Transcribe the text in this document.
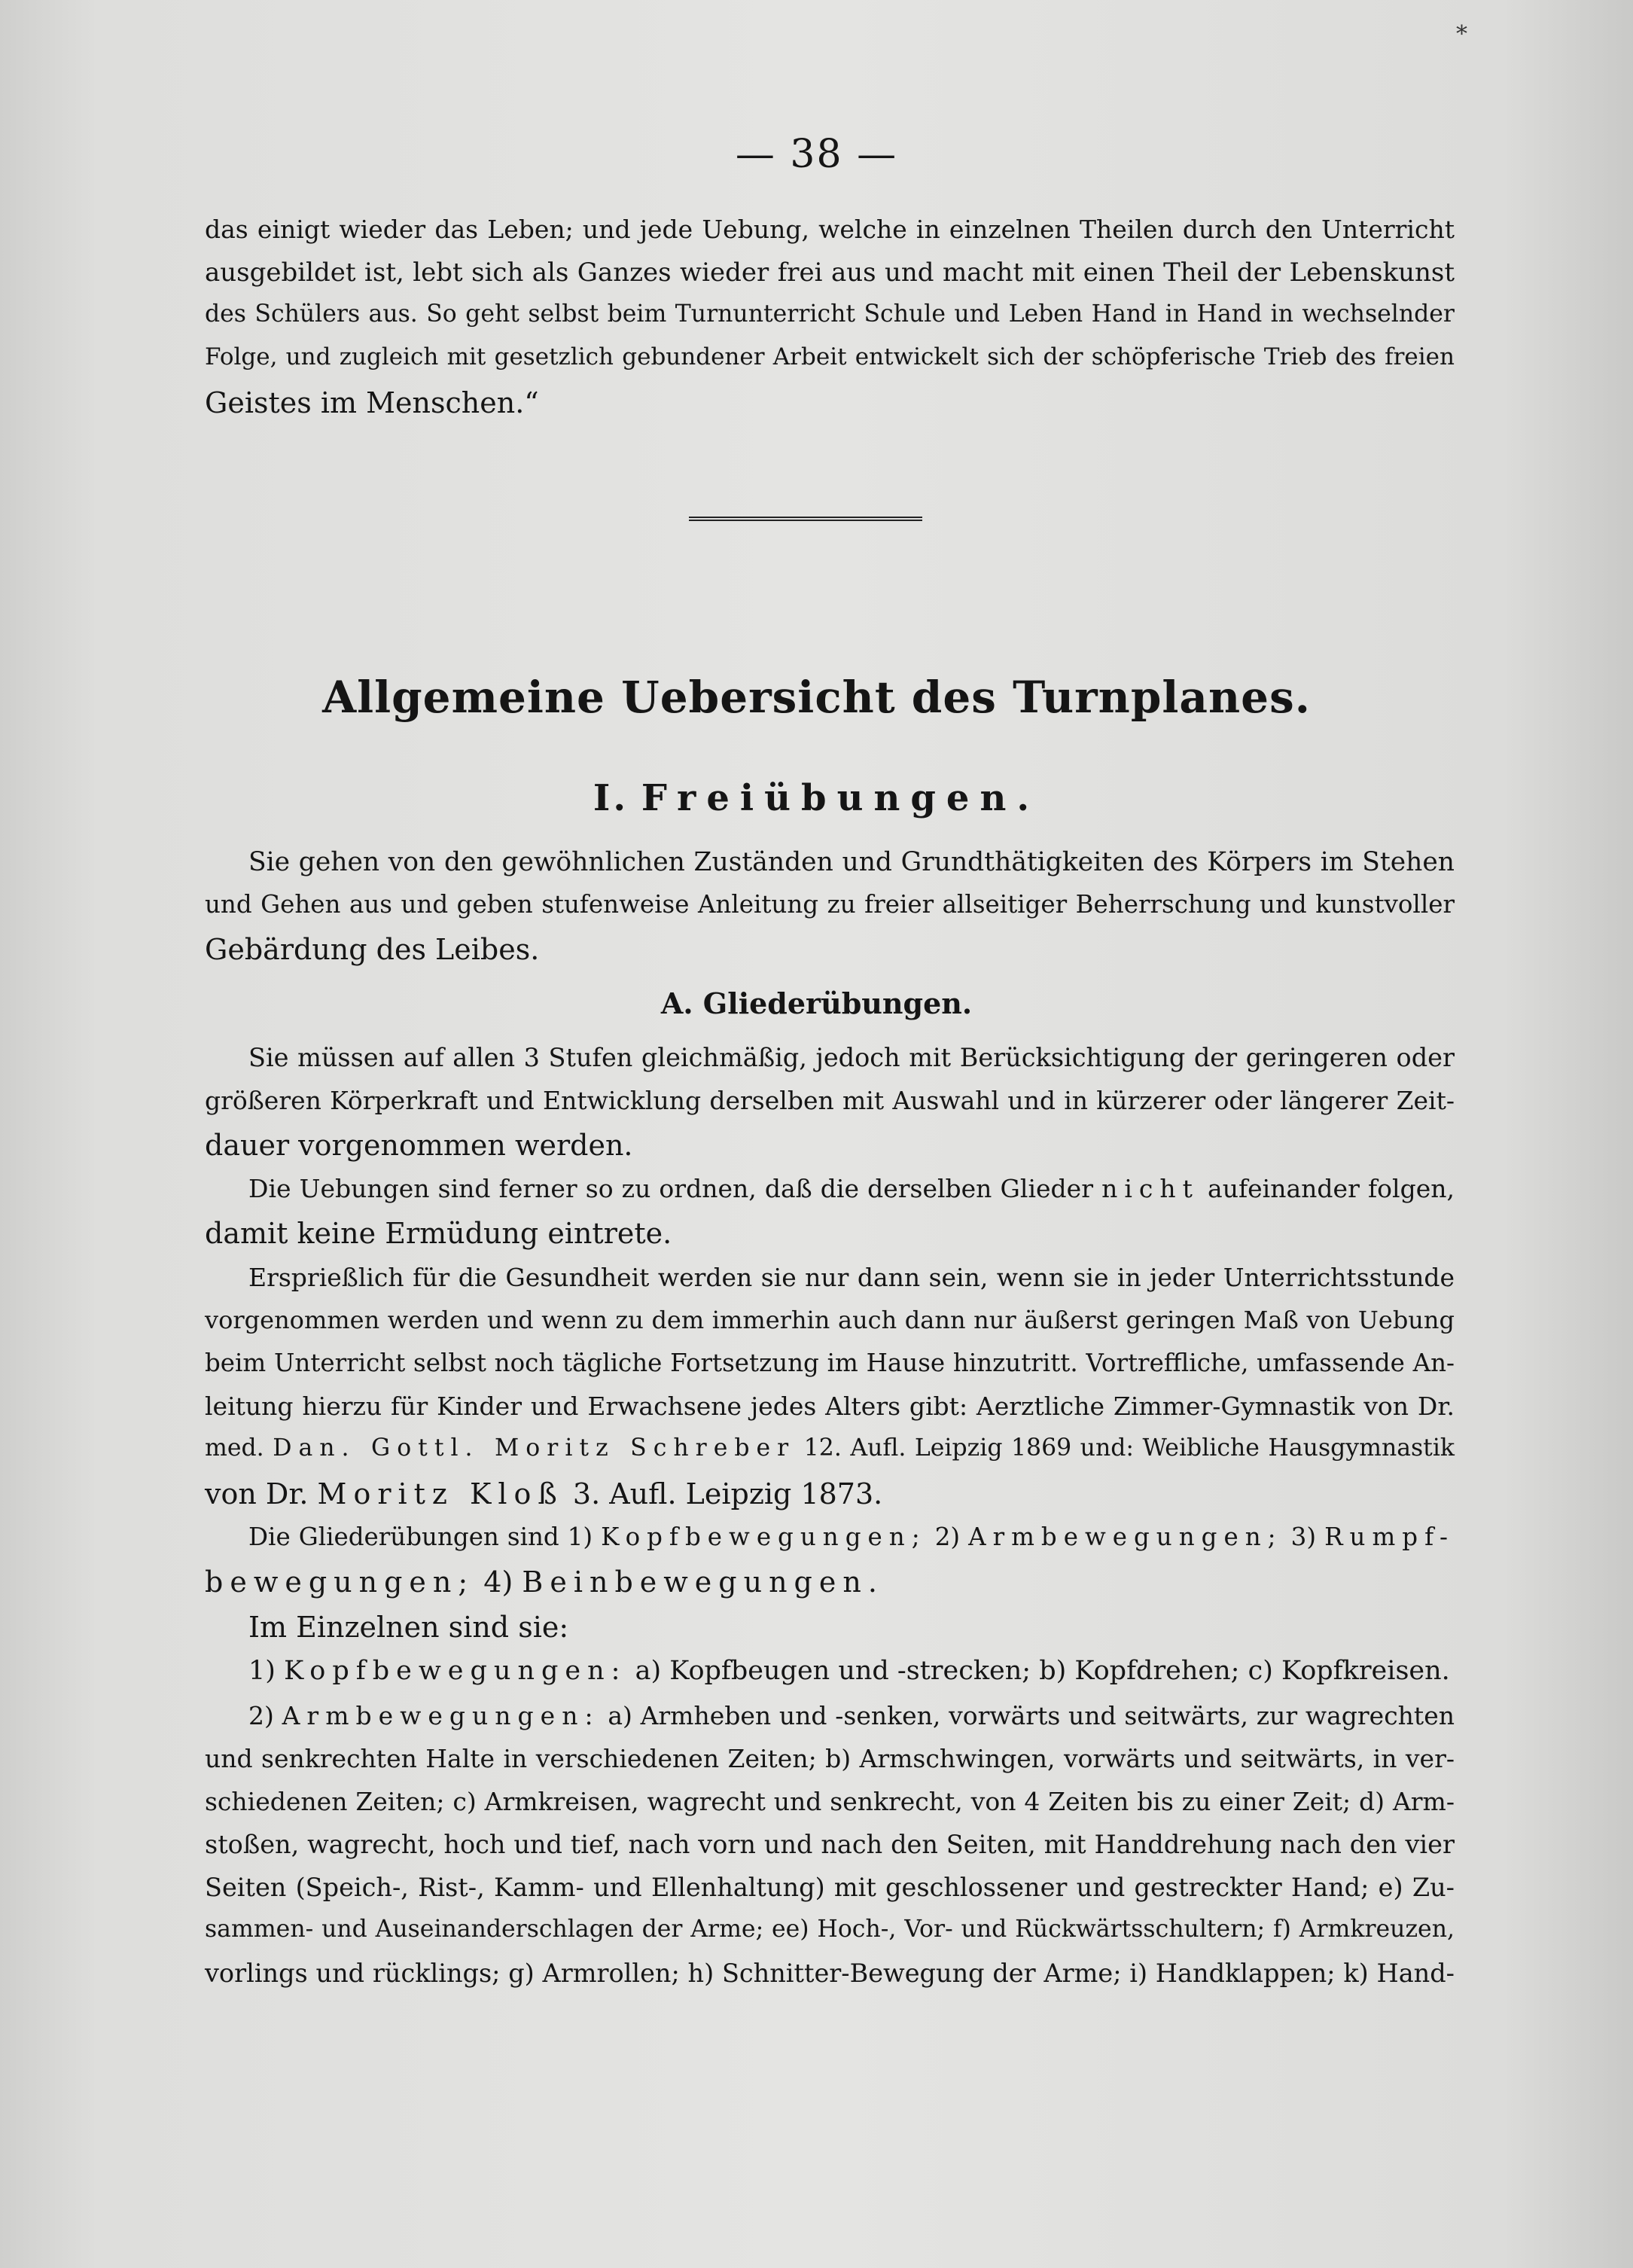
*
— 38 —
das einigt wieder das Leben; und jede Uebung, welche in einzelnen Theilen durch den Unterricht
ausgebildet ist, lebt sich als Ganzes wieder frei aus und macht mit einen Theil der Lebenskunst
des Schülers aus. So geht selbst beim Turnunterricht Schule und Leben Hand in Hand in wechselnder
Folge, und zugleich mit gesetzlich gebundener Arbeit entwickelt sich der schöpferische Trieb des freien
Geistes im Menschen.“
Allgemeine Uebersicht des Turnplanes.
I. Freiübungen.
Sie gehen von den gewöhnlichen Zuständen und Grundthätigkeiten des Körpers im Stehen
und Gehen aus und geben stufenweise Anleitung zu freier allseitiger Beherrschung und kunstvoller
Gebärdung des Leibes.
A. Gliederübungen.
Sie müssen auf allen 3 Stufen gleichmäßig, jedoch mit Berücksichtigung der geringeren oder
größeren Körperkraft und Entwicklung derselben mit Auswahl und in kürzerer oder längerer Zeit-
dauer vorgenommen werden.
Die Uebungen sind ferner so zu ordnen, daß die derselben Glieder nicht aufeinander folgen,
damit keine Ermüdung eintrete.
Ersprießlich für die Gesundheit werden sie nur dann sein, wenn sie in jeder Unterrichtsstunde
vorgenommen werden und wenn zu dem immerhin auch dann nur äußerst geringen Maß von Uebung
beim Unterricht selbst noch tägliche Fortsetzung im Hause hinzutritt. Vortreffliche, umfassende An-
leitung hierzu für Kinder und Erwachsene jedes Alters gibt: Aerztliche Zimmer-Gymnastik von Dr.
med. Dan. Gottl. Moritz Schreber 12. Aufl. Leipzig 1869 und: Weibliche Hausgymnastik
von Dr. Moritz Kloß 3. Aufl. Leipzig 1873.
Die Gliederübungen sind 1) Kopfbewegungen; 2) Armbewegungen; 3) Rumpf-
bewegungen; 4) Beinbewegungen.
Im Einzelnen sind sie:
1) Kopfbewegungen: a) Kopfbeugen und -strecken; b) Kopfdrehen; c) Kopfkreisen.
2) Armbewegungen: a) Armheben und -senken, vorwärts und seitwärts, zur wagrechten
und senkrechten Halte in verschiedenen Zeiten; b) Armschwingen, vorwärts und seitwärts, in ver-
schiedenen Zeiten; c) Armkreisen, wagrecht und senkrecht, von 4 Zeiten bis zu einer Zeit; d) Arm-
stoßen, wagrecht, hoch und tief, nach vorn und nach den Seiten, mit Handdrehung nach den vier
Seiten (Speich-, Rist-, Kamm- und Ellenhaltung) mit geschlossener und gestreckter Hand; e) Zu-
sammen- und Auseinanderschlagen der Arme; ee) Hoch-, Vor- und Rückwärtsschultern; f) Armkreuzen,
vorlings und rücklings; g) Armrollen; h) Schnitter-Bewegung der Arme; i) Handklappen; k) Hand-
